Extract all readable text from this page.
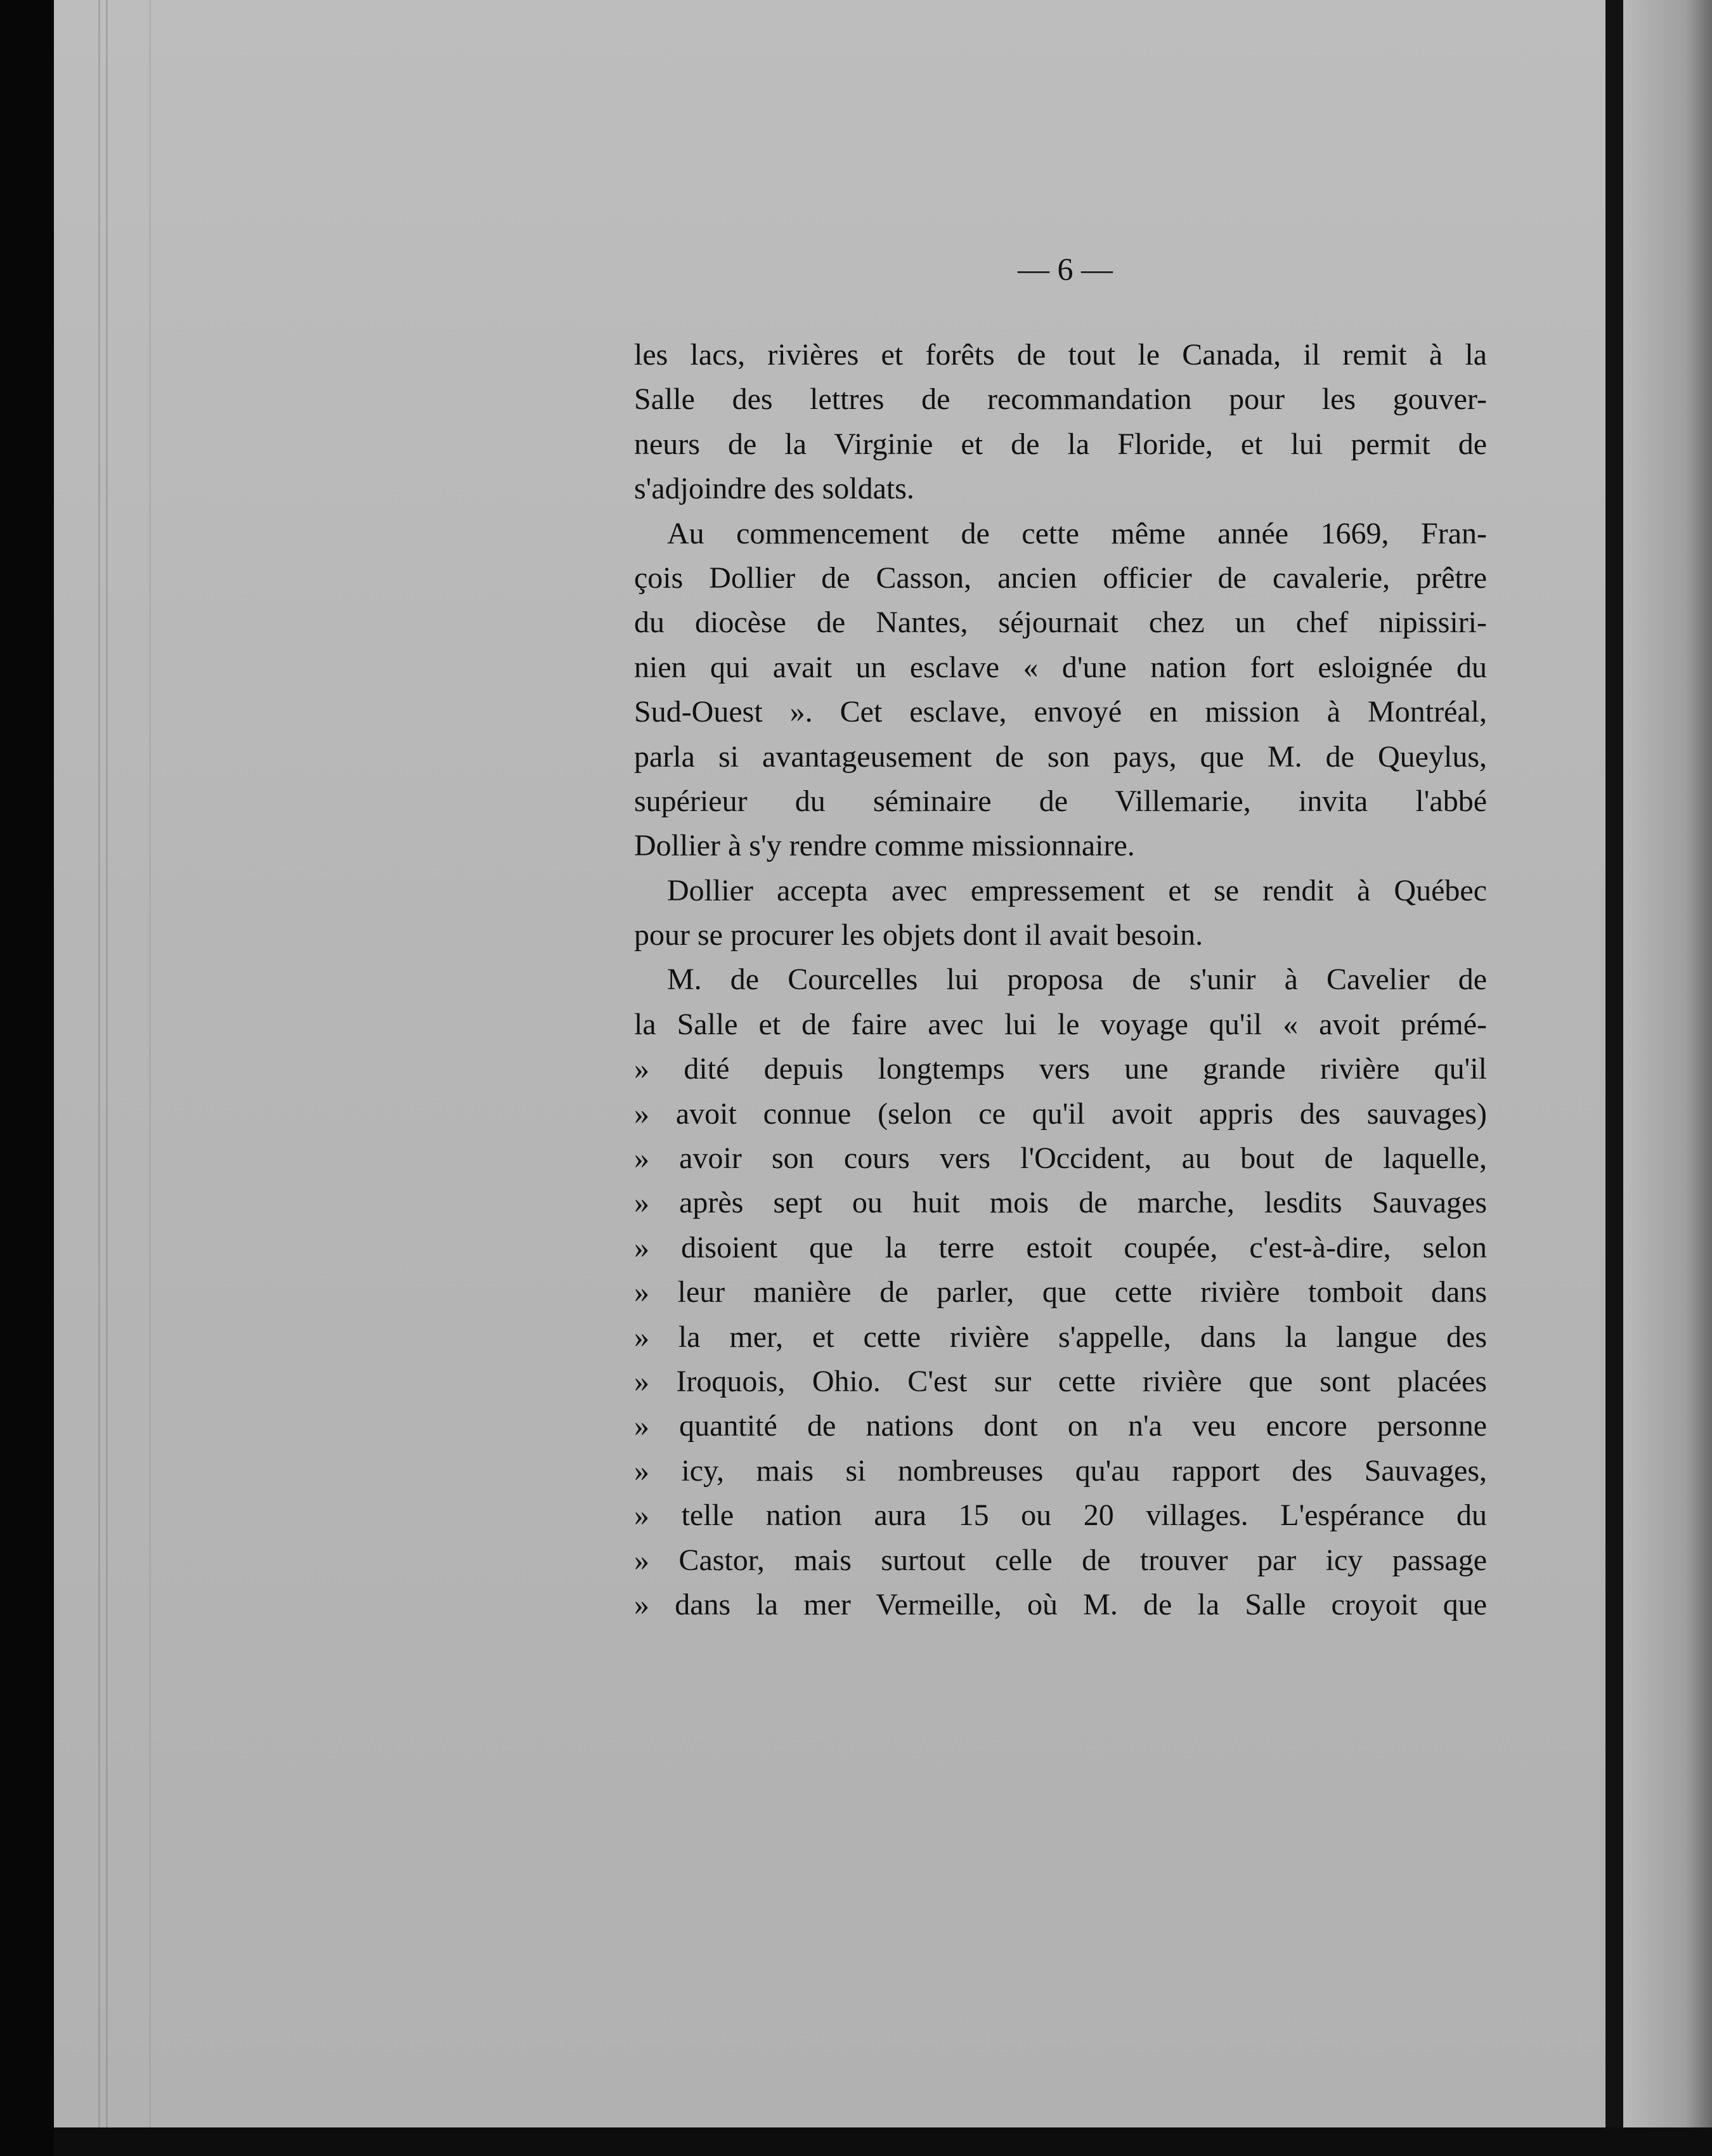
— 6 —
les lacs, rivières et forêts de tout le Canada, il remit à la
Salle des lettres de recommandation pour les gouver-
neurs de la Virginie et de la Floride, et lui permit de
s'adjoindre des soldats.
Au commencement de cette même année 1669, Fran-
çois Dollier de Casson, ancien officier de cavalerie, prêtre
du diocèse de Nantes, séjournait chez un chef nipissiri-
nien qui avait un esclave « d'une nation fort esloignée du
Sud-Ouest ». Cet esclave, envoyé en mission à Montréal,
parla si avantageusement de son pays, que M. de Queylus,
supérieur du séminaire de Villemarie, invita l'abbé
Dollier à s'y rendre comme missionnaire.
Dollier accepta avec empressement et se rendit à Québec
pour se procurer les objets dont il avait besoin.
M. de Courcelles lui proposa de s'unir à Cavelier de
la Salle et de faire avec lui le voyage qu'il « avoit prémé-
» dité depuis longtemps vers une grande rivière qu'il
» avoit connue (selon ce qu'il avoit appris des sauvages)
» avoir son cours vers l'Occident, au bout de laquelle,
» après sept ou huit mois de marche, lesdits Sauvages
» disoient que la terre estoit coupée, c'est-à-dire, selon
» leur manière de parler, que cette rivière tomboit dans
» la mer, et cette rivière s'appelle, dans la langue des
» Iroquois, Ohio. C'est sur cette rivière que sont placées
» quantité de nations dont on n'a veu encore personne
» icy, mais si nombreuses qu'au rapport des Sauvages,
» telle nation aura 15 ou 20 villages. L'espérance du
» Castor, mais surtout celle de trouver par icy passage
» dans la mer Vermeille, où M. de la Salle croyoit que
